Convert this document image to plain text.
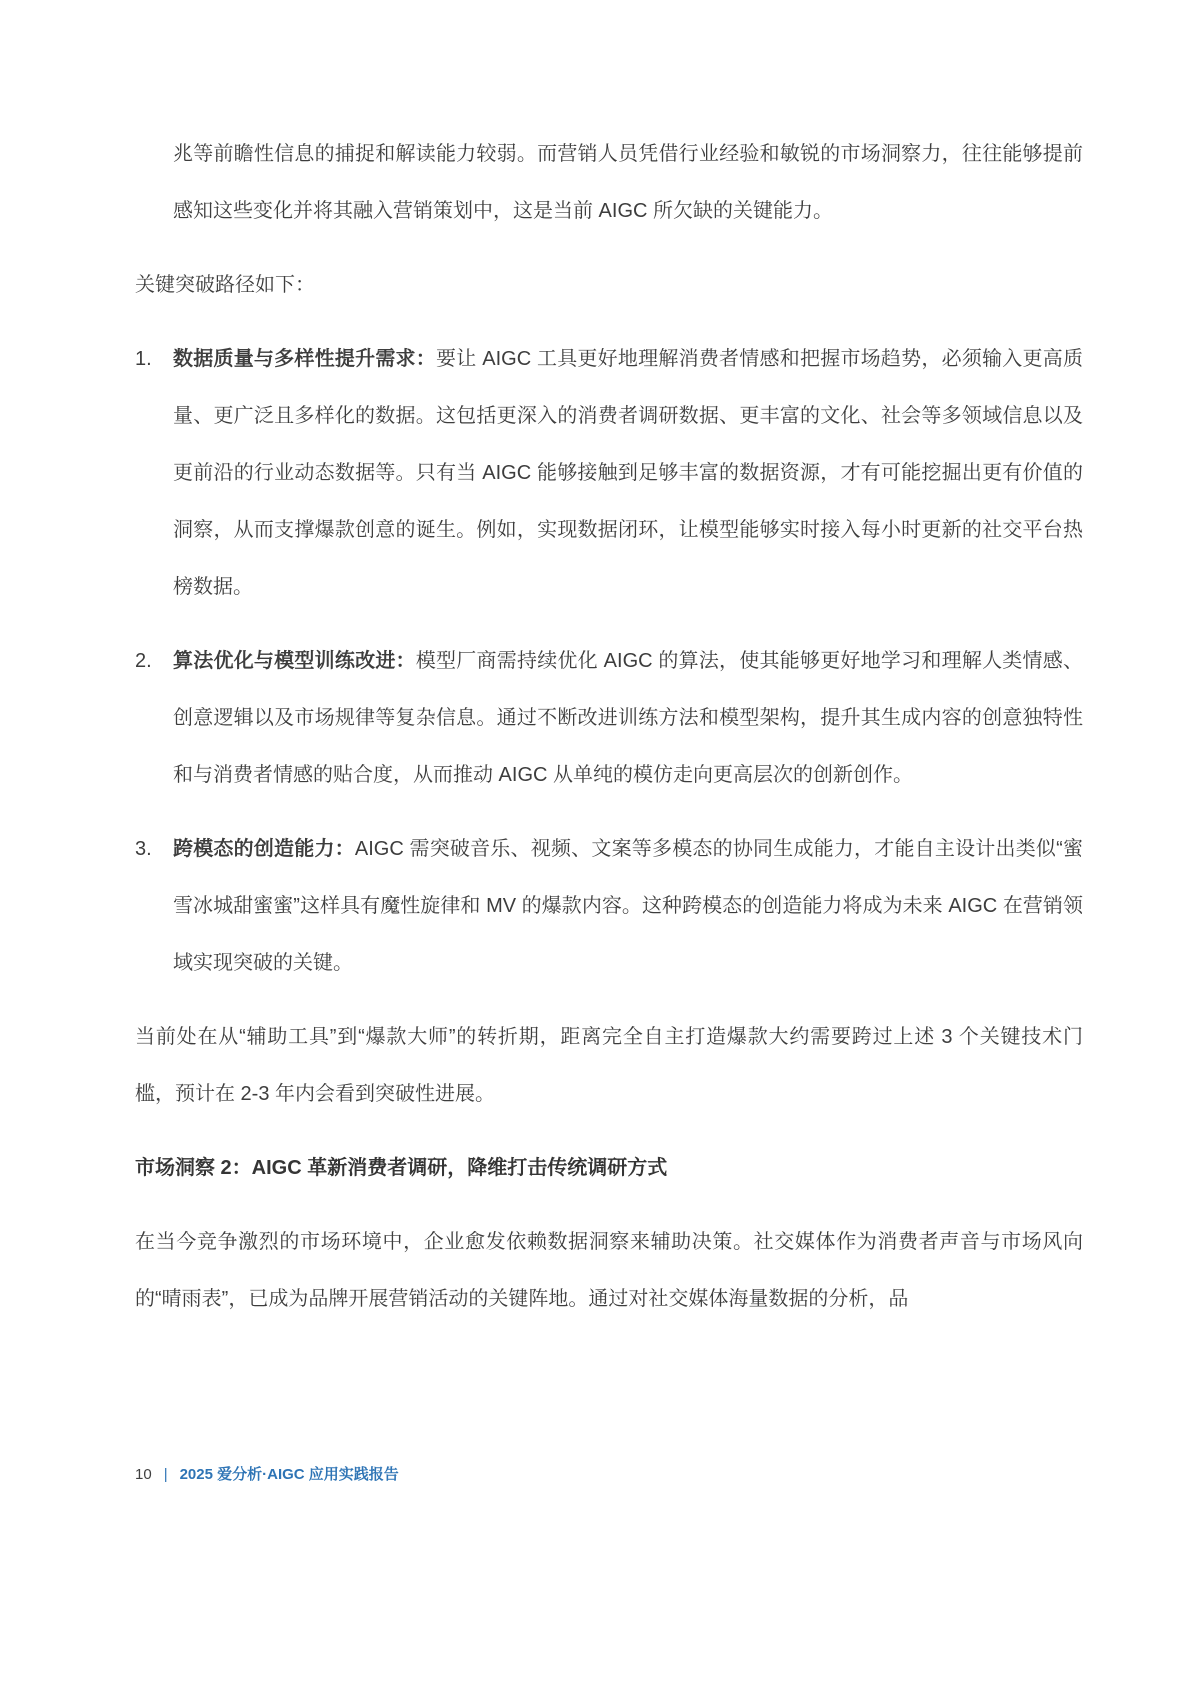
兆等前瞻性信息的捕捉和解读能力较弱。而营销人员凭借行业经验和敏锐的市场洞察力，往往能够提前感知这些变化并将其融入营销策划中，这是当前 AIGC 所欠缺的关键能力。

关键突破路径如下：

1.	数据质量与多样性提升需求：要让 AIGC 工具更好地理解消费者情感和把握市场趋势，必须输入更高质量、更广泛且多样化的数据。这包括更深入的消费者调研数据、更丰富的文化、社会等多领域信息以及更前沿的行业动态数据等。只有当 AIGC 能够接触到足够丰富的数据资源，才有可能挖掘出更有价值的洞察，从而支撑爆款创意的诞生。例如，实现数据闭环，让模型能够实时接入每小时更新的社交平台热榜数据。
2.	算法优化与模型训练改进：模型厂商需持续优化 AIGC 的算法，使其能够更好地学习和理解人类情感、创意逻辑以及市场规律等复杂信息。通过不断改进训练方法和模型架构，提升其生成内容的创意独特性和与消费者情感的贴合度，从而推动 AIGC 从单纯的模仿走向更高层次的创新创作。
3.	跨模态的创造能力：AIGC 需突破音乐、视频、文案等多模态的协同生成能力，才能自主设计出类似“蜜雪冰城甜蜜蜜”这样具有魔性旋律和 MV 的爆款内容。这种跨模态的创造能力将成为未来 AIGC 在营销领域实现突破的关键。

当前处在从“辅助工具”到“爆款大师”的转折期，距离完全自主打造爆款大约需要跨过上述 3 个关键技术门槛，预计在 2-3 年内会看到突破性进展。

市场洞察 2：AIGC 革新消费者调研，降维打击传统调研方式

在当今竞争激烈的市场环境中，企业愈发依赖数据洞察来辅助决策。社交媒体作为消费者声音与市场风向的“晴雨表”，已成为品牌开展营销活动的关键阵地。通过对社交媒体海量数据的分析，品

10 | 2025 爱分析·AIGC 应用实践报告
